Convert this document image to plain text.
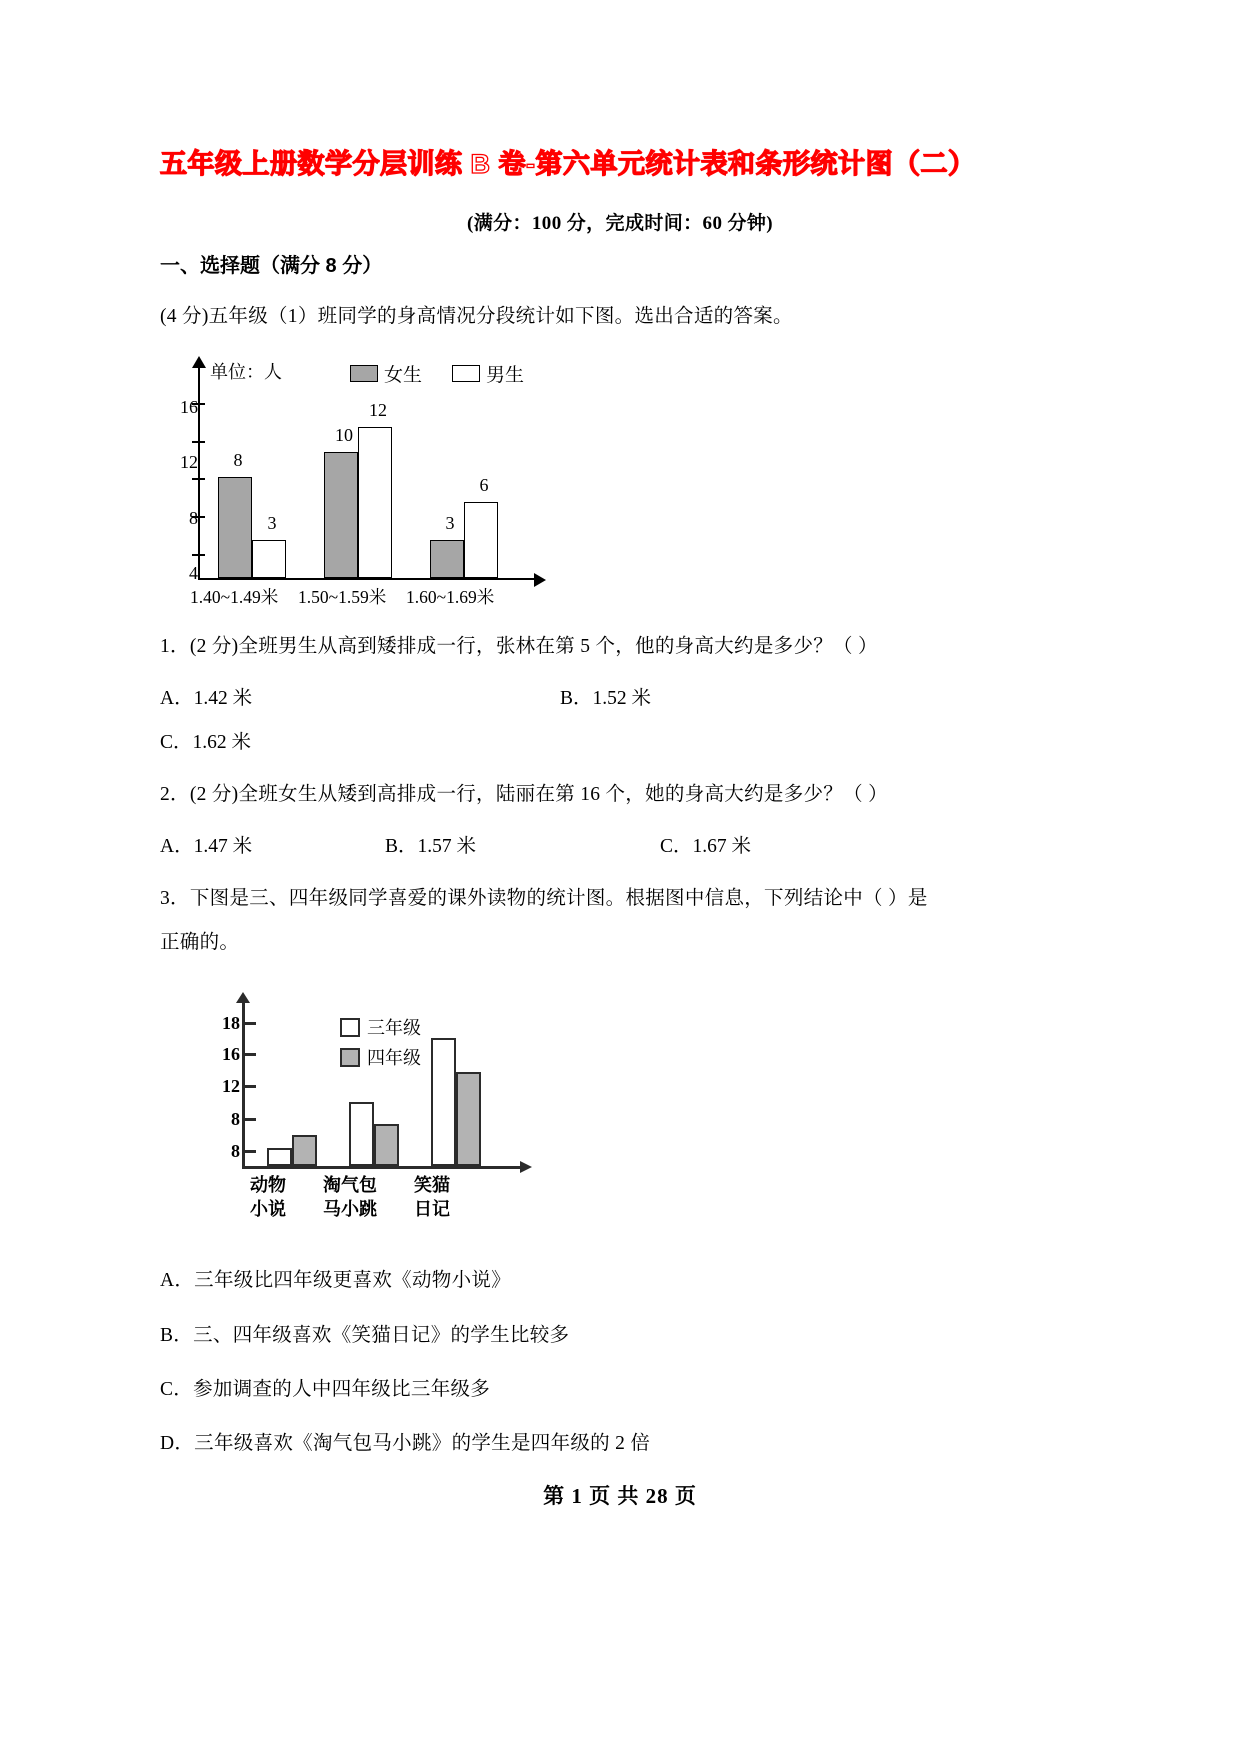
五年级上册数学分层训练 B 卷-第六单元统计表和条形统计图（二）
(满分：100 分，完成时间：60 分钟)
一、选择题（满分 8 分）
(4 分)五年级（1）班同学的身高情况分段统计如下图。选出合适的答案。
单位：人	女生	男生
16
12
8
4
8
3
10
12
3
6
1.40~1.49米 1.50~1.59米 1.60~1.69米
1．(2 分)全班男生从高到矮排成一行，张林在第 5 个，他的身高大约是多少？（ ）
A．1.42 米	B．1.52 米
C．1.62 米
2．(2 分)全班女生从矮到高排成一行，陆丽在第 16 个，她的身高大约是多少？（ ）
A．1.47 米	B．1.57 米	C．1.67 米
3．下图是三、四年级同学喜爱的课外读物的统计图。根据图中信息，下列结论中（ ）是
正确的。
三年级
四年级
18
16
12
8
8
动物
小说
淘气包
马小跳
笑猫
日记
A．三年级比四年级更喜欢《动物小说》
B．三、四年级喜欢《笑猫日记》的学生比较多
C．参加调查的人中四年级比三年级多
D．三年级喜欢《淘气包马小跳》的学生是四年级的 2 倍
第 1 页 共 28 页
